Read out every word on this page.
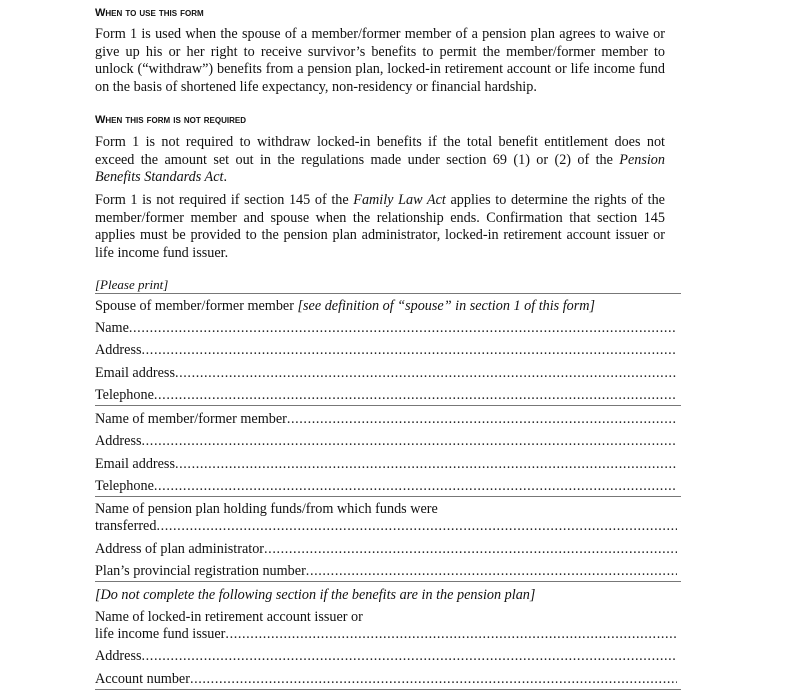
When to use this form

Form 1 is used when the spouse of a member/former member of a pension plan agrees to waive or give up his or her right to receive survivor’s benefits to permit the member/former member to unlock (“withdraw”) benefits from a pension plan, locked-in retirement account or life income fund on the basis of shortened life expectancy, non-residency or financial hardship.

When this form is not required

Form 1 is not required to withdraw locked-in benefits if the total benefit entitlement does not exceed the amount set out in the regulations made under section 69 (1) or (2) of the Pension Benefits Standards Act.

Form 1 is not required if section 145 of the Family Law Act applies to determine the rights of the member/former member and spouse when the relationship ends. Confirmation that section 145 applies must be provided to the pension plan administrator, locked-in retirement account issuer or life income fund issuer.

[Please print]
Spouse of member/former member [see definition of “spouse” in section 1 of this form]
Name
.....
Address
.....
Email address
.....
Telephone
.....
Name of member/former member
.....
Address
.....
Email address
.....
Telephone
.....
Name of pension plan holding funds/from which funds were
transferred
.....
Address of plan administrator
.....
Plan’s provincial registration number
.....
[Do not complete the following section if the benefits are in the pension plan]
Name of locked-in retirement account issuer or
life income fund issuer
.....
Address
.....
Account number
.....
